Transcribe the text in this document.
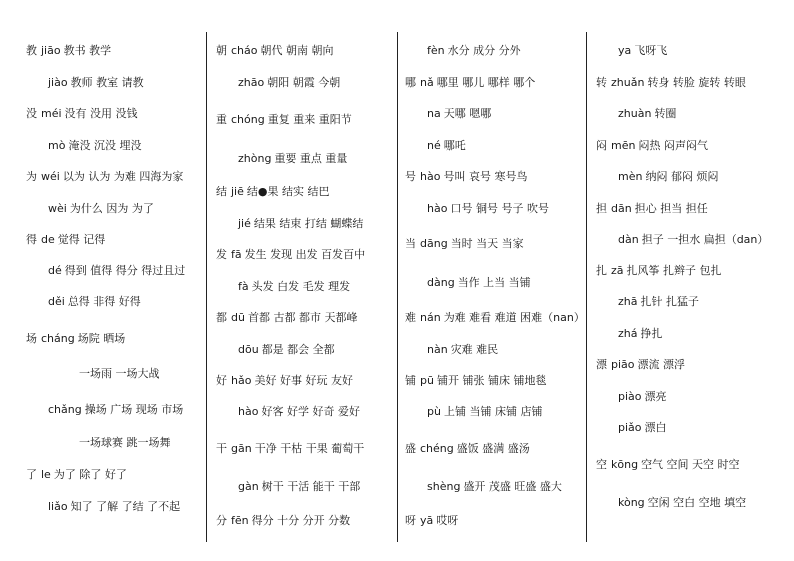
教 jiāo 教书 教学
jiào 教师 教室 请教
没 méi 没有 没用 没钱
mò 淹没 沉没 埋没
为 wéi 以为 认为 为难 四海为家
wèi 为什么 因为 为了
得 de 觉得 记得
dé 得到 值得 得分 得过且过
děi 总得 非得 好得
场 cháng 场院 晒场
一场雨 一场大战
chǎng 操场 广场 现场 市场
一场球赛 跳一场舞
了 le 为了 除了 好了
liǎo 知了 了解 了结 了不起
朝 cháo 朝代 朝南 朝向
zhāo 朝阳 朝霞 今朝
重 chóng 重复 重来 重阳节
zhòng 重要 重点 重量
结 jiē 结●果 结实 结巴
jié 结果 结束 打结 蝴蝶结
发 fā 发生 发现 出发 百发百中
fà 头发 白发 毛发 理发
都 dū 首都 古都 都市 天都峰
dōu 都是 都会 全都
好 hǎo 美好 好事 好玩 友好
hào 好客 好学 好奇 爱好
干 gān 干净 干枯 干果 葡萄干
gàn 树干 干活 能干 干部
分 fēn 得分 十分 分开 分数
fèn 水分 成分 分外
哪 nǎ 哪里 哪儿 哪样 哪个
na 天哪 嗯哪
né 哪吒
号 hào 号叫 哀号 寒号鸟
hào 口号 铜号 号子 吹号
当 dāng 当时 当天 当家
dàng 当作 上当 当铺
难 nán 为难 难看 难道 困难（nan）
nàn 灾难 难民
铺 pū 铺开 铺张 铺床 铺地毯
pù 上铺 当铺 床铺 店铺
盛 chéng 盛饭 盛满 盛汤
shèng 盛开 茂盛 旺盛 盛大
呀 yā 哎呀
ya 飞呀飞
转 zhuǎn 转身 转脸 旋转 转眼
zhuàn 转圈
闷 mēn 闷热 闷声闷气
mèn 纳闷 郁闷 烦闷
担 dān 担心 担当 担任
dàn 担子 一担水 扁担（dan）
扎 zā 扎风筝 扎辫子 包扎
zhā 扎针 扎猛子
zhá 挣扎
漂 piāo 漂流 漂浮
piào 漂亮
piǎo 漂白
空 kōng 空气 空间 天空 时空
kòng 空闲 空白 空地 填空
